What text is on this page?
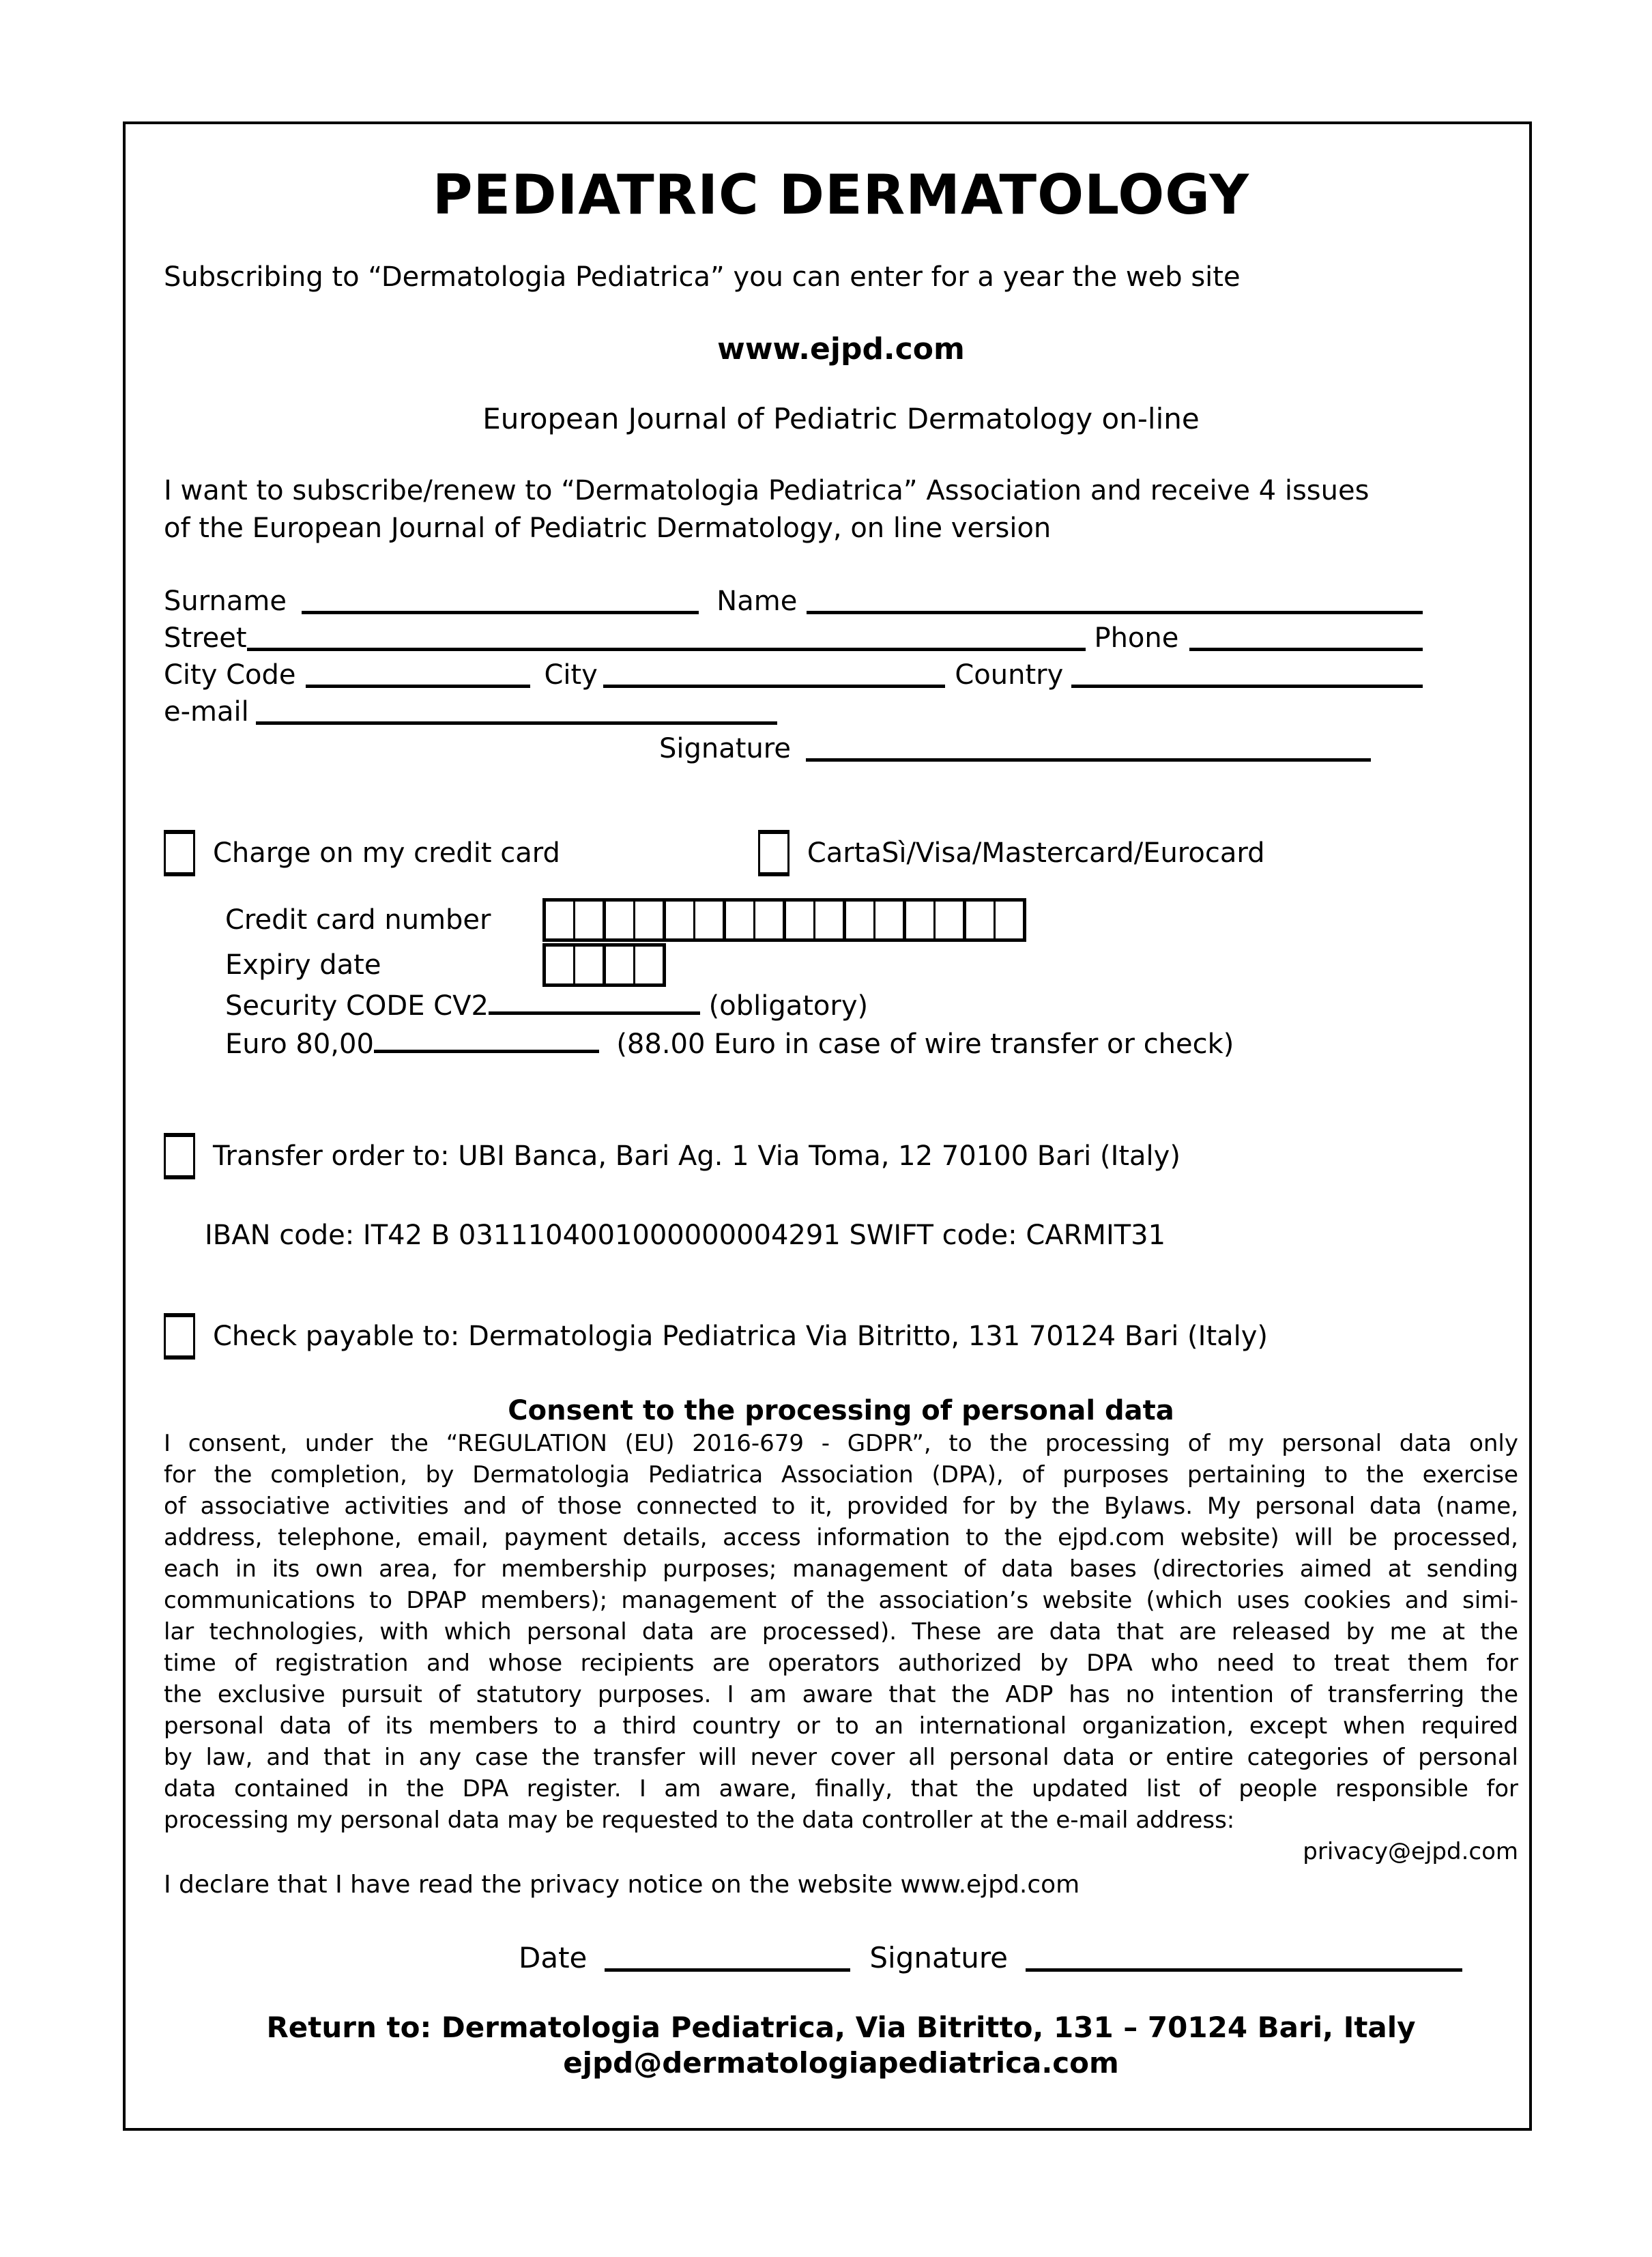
PEDIATRIC DERMATOLOGY
Subscribing to “Dermatologia Pediatrica” you can enter for a year the web site
www.ejpd.com
European Journal of Pediatric Dermatology on-line
I want to subscribe/renew to “Dermatologia Pediatrica” Association and receive 4 issues
of the European Journal of Pediatric Dermatology, on line version
Surname	Name
Street	Phone
City Code	City	Country
e-mail
Signature
Charge on my credit card	CartaSì/Visa/Mastercard/Eurocard
Credit card number
Expiry date
Security CODE CV2	(obligatory)
Euro 80,00	(88.00 Euro in case of wire transfer or check)
Transfer order to: UBI Banca, Bari Ag. 1 Via Toma, 12 70100 Bari (Italy)
IBAN code: IT42 B 0311104001000000004291 SWIFT code: CARMIT31
Check payable to: Dermatologia Pediatrica Via Bitritto, 131 70124 Bari (Italy)
Consent to the processing of personal data
I consent, under the “REGULATION (EU) 2016-679 - GDPR”, to the processing of my personal data only
for the completion, by Dermatologia Pediatrica Association (DPA), of purposes pertaining to the exercise
of associative activities and of those connected to it, provided for by the Bylaws. My personal data (name,
address, telephone, email, payment details, access information to the ejpd.com website) will be processed,
each in its own area, for membership purposes; management of data bases (directories aimed at sending
communications to DPAP members); management of the association’s website (which uses cookies and simi-
lar technologies, with which personal data are processed). These are data that are released by me at the
time of registration and whose recipients are operators authorized by DPA who need to treat them for
the exclusive pursuit of statutory purposes. I am aware that the ADP has no intention of transferring the
personal data of its members to a third country or to an international organization, except when required
by law, and that in any case the transfer will never cover all personal data or entire categories of personal
data contained in the DPA register. I am aware, finally, that the updated list of people responsible for
processing my personal data may be requested to the data controller at the e-mail address:
privacy@ejpd.com
I declare that I have read the privacy notice on the website www.ejpd.com
Date	Signature
Return to: Dermatologia Pediatrica, Via Bitritto, 131 – 70124 Bari, Italy
ejpd@dermatologiapediatrica.com
